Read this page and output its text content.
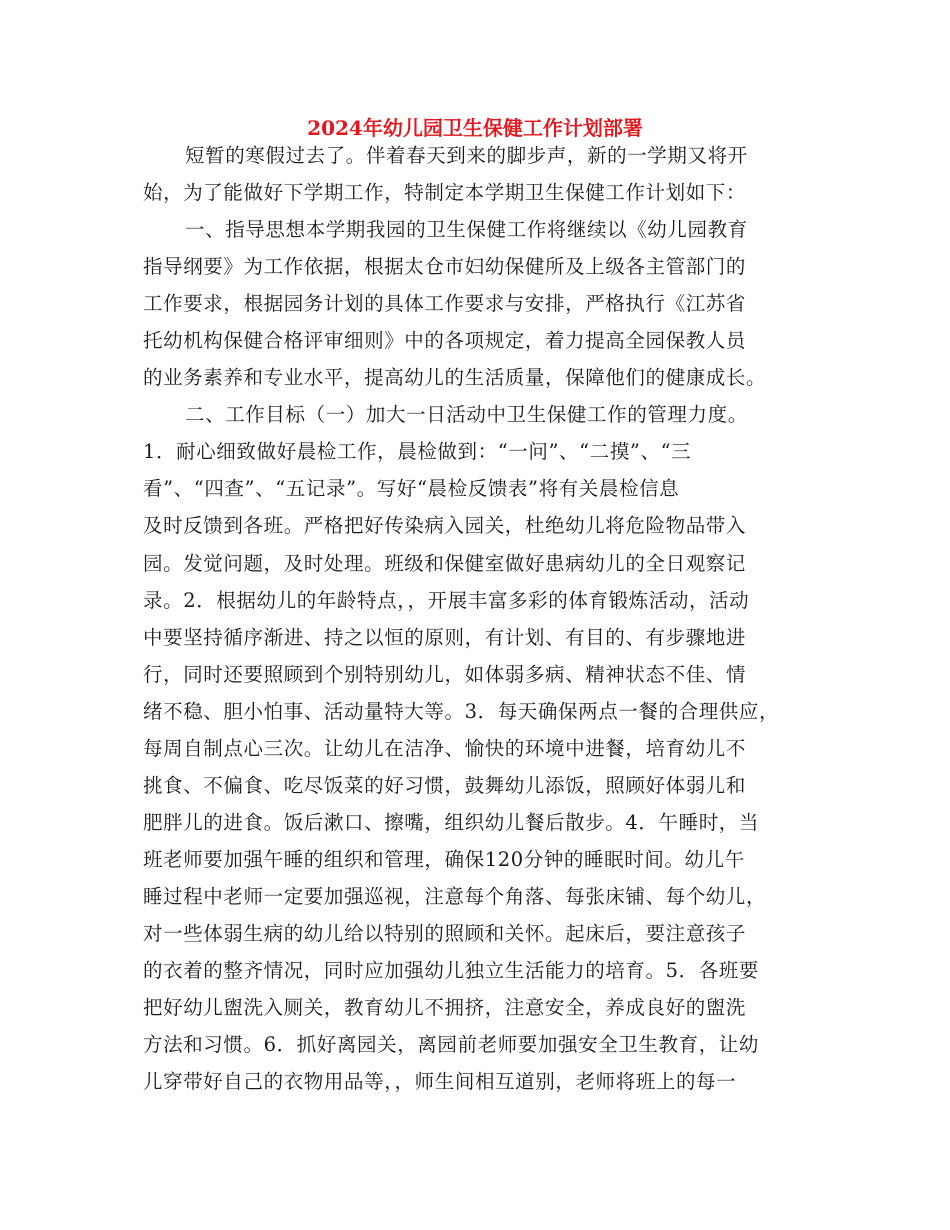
2024年幼儿园卫生保健工作计划部署
短暂的寒假过去了。伴着春天到来的脚步声，新的一学期又将开
始，为了能做好下学期工作，特制定本学期卫生保健工作计划如下：
一、指导思想本学期我园的卫生保健工作将继续以《幼儿园教育
指导纲要》为工作依据，根据太仓市妇幼保健所及上级各主管部门的
工作要求，根据园务计划的具体工作要求与安排，严格执行《江苏省
托幼机构保健合格评审细则》中的各项规定，着力提高全园保教人员
的业务素养和专业水平，提高幼儿的生活质量，保障他们的健康成长。
二、工作目标（一）加大一日活动中卫生保健工作的管理力度。
1．耐心细致做好晨检工作，晨检做到：“一问”、“二摸”、“三
看”、“四查”、“五记录”。写好“晨检反馈表”将有关晨检信息
及时反馈到各班。严格把好传染病入园关，杜绝幼儿将危险物品带入
园。发觉问题，及时处理。班级和保健室做好患病幼儿的全日观察记
录。2．根据幼儿的年龄特点，，开展丰富多彩的体育锻炼活动，活动
中要坚持循序渐进、持之以恒的原则，有计划、有目的、有步骤地进
行，同时还要照顾到个别特别幼儿，如体弱多病、精神状态不佳、情
绪不稳、胆小怕事、活动量特大等。3．每天确保两点一餐的合理供应，
每周自制点心三次。让幼儿在洁净、愉快的环境中进餐，培育幼儿不
挑食、不偏食、吃尽饭菜的好习惯，鼓舞幼儿添饭，照顾好体弱儿和
肥胖儿的进食。饭后漱口、擦嘴，组织幼儿餐后散步。4．午睡时，当
班老师要加强午睡的组织和管理，确保120分钟的睡眠时间。幼儿午
睡过程中老师一定要加强巡视，注意每个角落、每张床铺、每个幼儿，
对一些体弱生病的幼儿给以特别的照顾和关怀。起床后，要注意孩子
的衣着的整齐情况，同时应加强幼儿独立生活能力的培育。5．各班要
把好幼儿盥洗入厕关，教育幼儿不拥挤，注意安全，养成良好的盥洗
方法和习惯。6．抓好离园关，离园前老师要加强安全卫生教育，让幼
儿穿带好自己的衣物用品等，，师生间相互道别，老师将班上的每一
